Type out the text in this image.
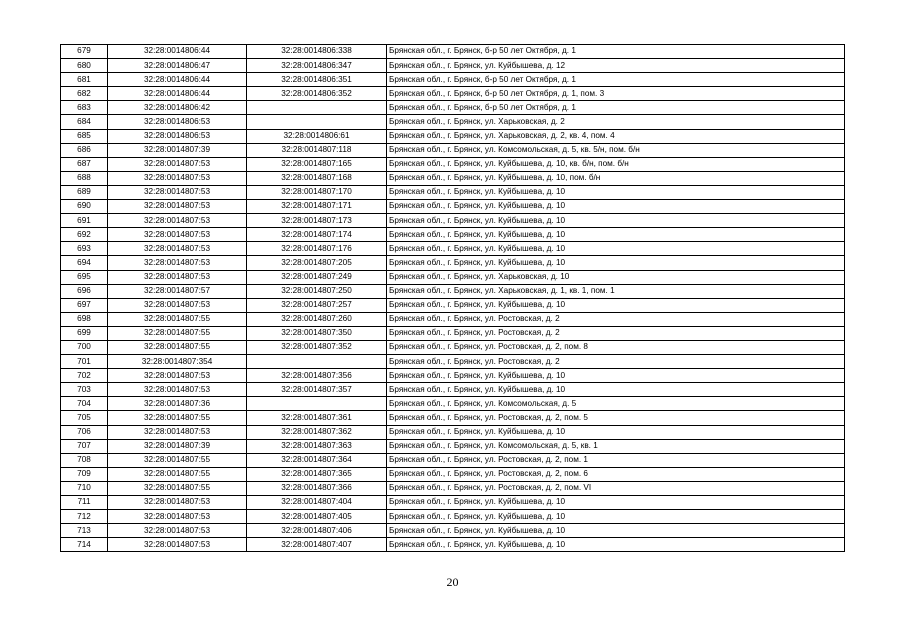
679	32:28:0014806:44	32:28:0014806:338	Брянская обл., г. Брянск, б-р 50 лет Октября, д. 1
680	32:28:0014806:47	32:28:0014806:347	Брянская обл., г. Брянск, ул. Куйбышева, д. 12
681	32:28:0014806:44	32:28:0014806:351	Брянская обл., г. Брянск, б-р 50 лет Октября, д. 1
682	32:28:0014806:44	32:28:0014806:352	Брянская обл., г. Брянск, б-р 50 лет Октября, д. 1, пом. 3
683	32:28:0014806:42		Брянская обл., г. Брянск, б-р 50 лет Октября, д. 1
684	32:28:0014806:53		Брянская обл., г. Брянск, ул. Харьковская, д. 2
685	32:28:0014806:53	32:28:0014806:61	Брянская обл., г. Брянск, ул. Харьковская, д. 2, кв. 4, пом. 4
686	32:28:0014807:39	32:28:0014807:118	Брянская обл., г. Брянск, ул. Комсомольская, д. 5, кв. 5/н, пом. б/н
687	32:28:0014807:53	32:28:0014807:165	Брянская обл., г. Брянск, ул. Куйбышева, д. 10, кв. б/н, пом. б/н
688	32:28:0014807:53	32:28:0014807:168	Брянская обл., г. Брянск, ул. Куйбышева, д. 10, пом. б/н
689	32:28:0014807:53	32:28:0014807:170	Брянская обл., г. Брянск, ул. Куйбышева, д. 10
690	32:28:0014807:53	32:28:0014807:171	Брянская обл., г. Брянск, ул. Куйбышева, д. 10
691	32:28:0014807:53	32:28:0014807:173	Брянская обл., г. Брянск, ул. Куйбышева, д. 10
692	32:28:0014807:53	32:28:0014807:174	Брянская обл., г. Брянск, ул. Куйбышева, д. 10
693	32:28:0014807:53	32:28:0014807:176	Брянская обл., г. Брянск, ул. Куйбышева, д. 10
694	32:28:0014807:53	32:28:0014807:205	Брянская обл., г. Брянск, ул. Куйбышева, д. 10
695	32:28:0014807:53	32:28:0014807:249	Брянская обл., г. Брянск, ул. Харьковская, д. 10
696	32:28:0014807:57	32:28:0014807:250	Брянская обл., г. Брянск, ул. Харьковская, д. 1, кв. 1, пом. 1
697	32:28:0014807:53	32:28:0014807:257	Брянская обл., г. Брянск, ул. Куйбышева, д. 10
698	32:28:0014807:55	32:28:0014807:260	Брянская обл., г. Брянск, ул. Ростовская, д. 2
699	32:28:0014807:55	32:28:0014807:350	Брянская обл., г. Брянск, ул. Ростовская, д. 2
700	32:28:0014807:55	32:28:0014807:352	Брянская обл., г. Брянск, ул. Ростовская, д. 2, пом. 8
701	32:28:0014807:354		Брянская обл., г. Брянск, ул. Ростовская, д. 2
702	32:28:0014807:53	32:28:0014807:356	Брянская обл., г. Брянск, ул. Куйбышева, д. 10
703	32:28:0014807:53	32:28:0014807:357	Брянская обл., г. Брянск, ул. Куйбышева, д. 10
704	32:28:0014807:36		Брянская обл., г. Брянск, ул. Комсомольская, д. 5
705	32:28:0014807:55	32:28:0014807:361	Брянская обл., г. Брянск, ул. Ростовская, д. 2, пом. 5
706	32:28:0014807:53	32:28:0014807:362	Брянская обл., г. Брянск, ул. Куйбышева, д. 10
707	32:28:0014807:39	32:28:0014807:363	Брянская обл., г. Брянск, ул. Комсомольская, д. 5, кв. 1
708	32:28:0014807:55	32:28:0014807:364	Брянская обл., г. Брянск, ул. Ростовская, д. 2, пом. 1
709	32:28:0014807:55	32:28:0014807:365	Брянская обл., г. Брянск, ул. Ростовская, д. 2, пом. 6
710	32:28:0014807:55	32:28:0014807:366	Брянская обл., г. Брянск, ул. Ростовская, д. 2, пом. VI
711	32:28:0014807:53	32:28:0014807:404	Брянская обл., г. Брянск, ул. Куйбышева, д. 10
712	32:28:0014807:53	32:28:0014807:405	Брянская обл., г. Брянск, ул. Куйбышева, д. 10
713	32:28:0014807:53	32:28:0014807:406	Брянская обл., г. Брянск, ул. Куйбышева, д. 10
714	32:28:0014807:53	32:28:0014807:407	Брянская обл., г. Брянск, ул. Куйбышева, д. 10
20
